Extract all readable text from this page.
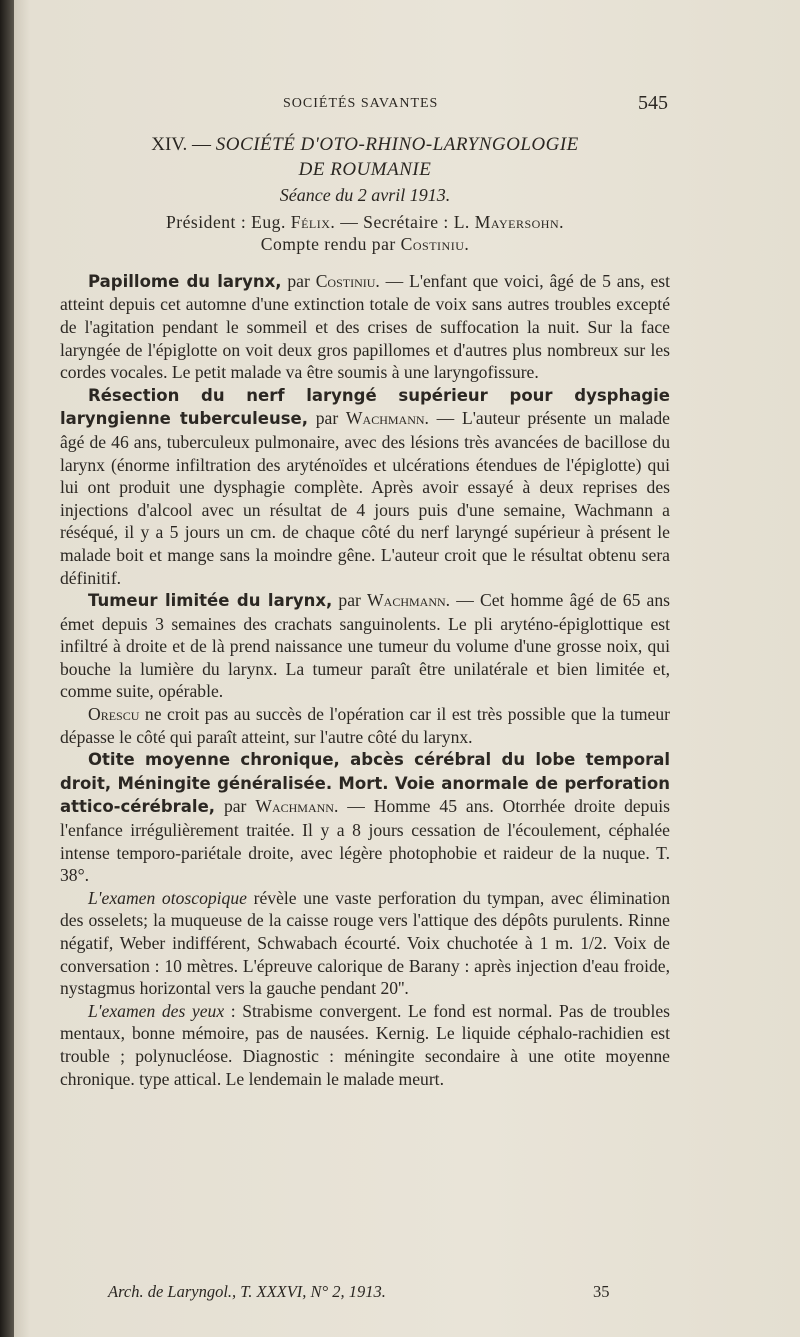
SOCIÉTÉS SAVANTES	545
XIV. — SOCIÉTÉ D'OTO-RHINO-LARYNGOLOGIE
DE ROUMANIE
Séance du 2 avril 1913.
Président : Eug. Félix. — Secrétaire : L. Mayersohn.
Compte rendu par Costiniu.

Papillome du larynx, par Costiniu. — L'enfant que voici, âgé de 5 ans, est atteint depuis cet automne d'une extinction totale de voix sans autres troubles excepté de l'agitation pendant le sommeil et des crises de suffocation la nuit. Sur la face laryngée de l'épiglotte on voit deux gros papillomes et d'autres plus nombreux sur les cordes vocales. Le petit malade va être soumis à une laryngofissure.

Résection du nerf laryngé supérieur pour dysphagie laryngienne tuberculeuse, par Wachmann. — L'auteur présente un malade âgé de 46 ans, tuberculeux pulmonaire, avec des lésions très avancées de bacillose du larynx (énorme infiltration des aryténoïdes et ulcérations étendues de l'épiglotte) qui lui ont produit une dysphagie complète. Après avoir essayé à deux reprises des injections d'alcool avec un résultat de 4 jours puis d'une semaine, Wachmann a réséqué, il y a 5 jours un cm. de chaque côté du nerf laryngé supérieur à présent le malade boit et mange sans la moindre gêne. L'auteur croit que le résultat obtenu sera définitif.

Tumeur limitée du larynx, par Wachmann. — Cet homme âgé de 65 ans émet depuis 3 semaines des crachats sanguinolents. Le pli aryténo-épiglottique est infiltré à droite et de là prend naissance une tumeur du volume d'une grosse noix, qui bouche la lumière du larynx. La tumeur paraît être unilatérale et bien limitée et, comme suite, opérable.

Orescu ne croit pas au succès de l'opération car il est très possible que la tumeur dépasse le côté qui paraît atteint, sur l'autre côté du larynx.

Otite moyenne chronique, abcès cérébral du lobe temporal droit, Méningite généralisée. Mort. Voie anormale de perforation attico-cérébrale, par Wachmann. — Homme 45 ans. Otorrhée droite depuis l'enfance irrégulièrement traitée. Il y a 8 jours cessation de l'écoulement, céphalée intense temporo-pariétale droite, avec légère photophobie et raideur de la nuque. T. 38°.

L'examen otoscopique révèle une vaste perforation du tympan, avec élimination des osselets; la muqueuse de la caisse rouge vers l'attique des dépôts purulents. Rinne négatif, Weber indifférent, Schwabach écourté. Voix chuchotée à 1 m. 1/2. Voix de conversation : 10 mètres. L'épreuve calorique de Barany : après injection d'eau froide, nystagmus horizontal vers la gauche pendant 20''.

L'examen des yeux : Strabisme convergent. Le fond est normal. Pas de troubles mentaux, bonne mémoire, pas de nausées. Kernig. Le liquide céphalo-rachidien est trouble ; polynucléose. Diagnostic : méningite secondaire à une otite moyenne chronique. type attical. Le lendemain le malade meurt.

Arch. de Laryngol., T. XXXVI, N° 2, 1913.	35
